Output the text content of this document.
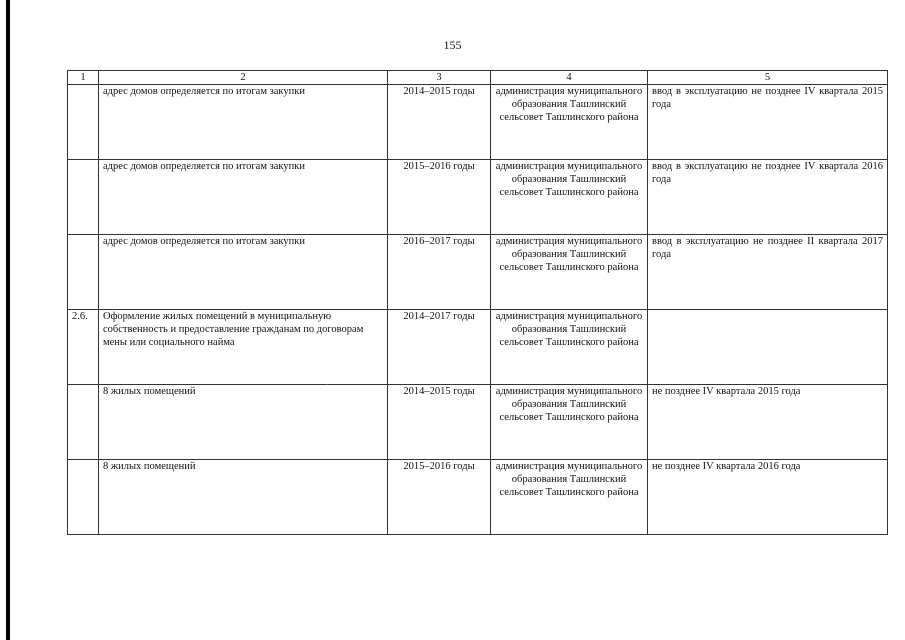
155
1	2	3	4	5
	адрес домов определяется по итогам закупки	2014–2015 годы	администрация муниципального образования Ташлинский сельсовет Ташлинского района	ввод в эксплуатацию не позднее IV квартала 2015 года
	адрес домов определяется по итогам закупки	2015–2016 годы	администрация муниципального образования Ташлинский сельсовет Ташлинского района	ввод в эксплуатацию не позднее IV квартала 2016 года
	адрес домов определяется по итогам закупки	2016–2017 годы	администрация муниципального образования Ташлинский сельсовет Ташлинского района	ввод в эксплуатацию не позднее II квартала 2017 года
2.6.	Оформление жилых помещений в муниципальную собственность и предоставление гражданам по договорам мены или социального найма	2014–2017 годы	администрация муниципального образования Ташлинский сельсовет Ташлинского района	
	8 жилых помещений	2014–2015 годы	администрация муниципального образования Ташлинский сельсовет Ташлинского района	не позднее IV квартала 2015 года
	8 жилых помещений	2015–2016 годы	администрация муниципального образования Ташлинский сельсовет Ташлинского района	не позднее IV квартала 2016 года
